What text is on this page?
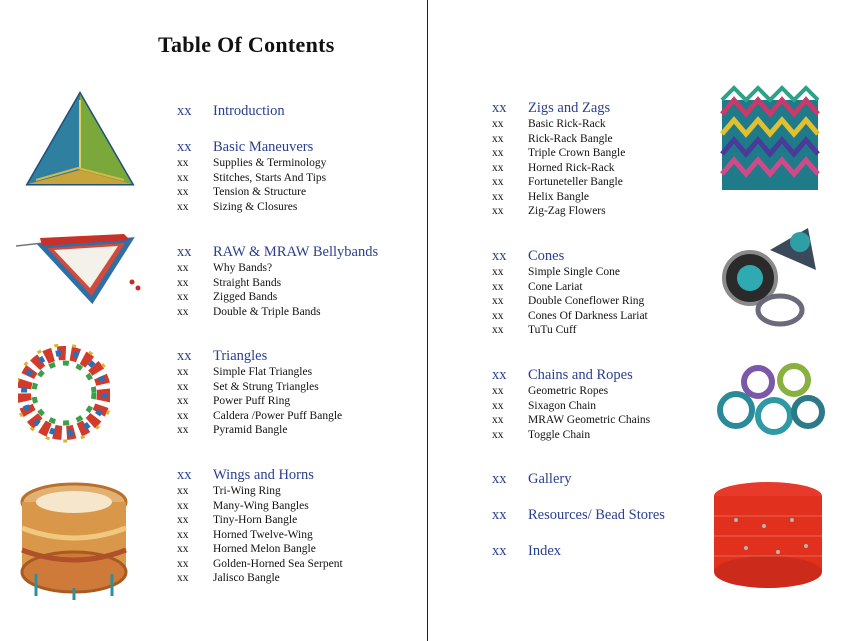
Table Of Contents
xx	Introduction
xx	Basic Maneuvers
xx	Supplies & Terminology
xx	Stitches, Starts And Tips
xx	Tension & Structure
xx	Sizing & Closures
xx	RAW & MRAW Bellybands
xx	Why Bands?
xx	Straight Bands
xx	Zigged Bands
xx	Double & Triple Bands
xx	Triangles
xx	Simple Flat Triangles
xx	Set & Strung Triangles
xx	Power Puff Ring
xx	Caldera /Power Puff Bangle
xx	Pyramid Bangle
xx	Wings and Horns
xx	Tri-Wing Ring
xx	Many-Wing Bangles
xx	Tiny-Horn Bangle
xx	Horned Twelve-Wing
xx	Horned Melon Bangle
xx	Golden-Horned Sea Serpent
xx	Jalisco Bangle
xx	Zigs and Zags
xx	Basic Rick-Rack
xx	Rick-Rack Bangle
xx	Triple Crown Bangle
xx	Horned Rick-Rack
xx	Fortuneteller Bangle
xx	Helix Bangle
xx	Zig-Zag Flowers
xx	Cones
xx	Simple Single Cone
xx	Cone Lariat
xx	Double Coneflower Ring
xx	Cones Of Darkness Lariat
xx	TuTu Cuff
xx	Chains and Ropes
xx	Geometric Ropes
xx	Sixagon Chain
xx	MRAW Geometric Chains
xx	Toggle Chain
xx	Gallery
xx	Resources/ Bead Stores
xx	Index
